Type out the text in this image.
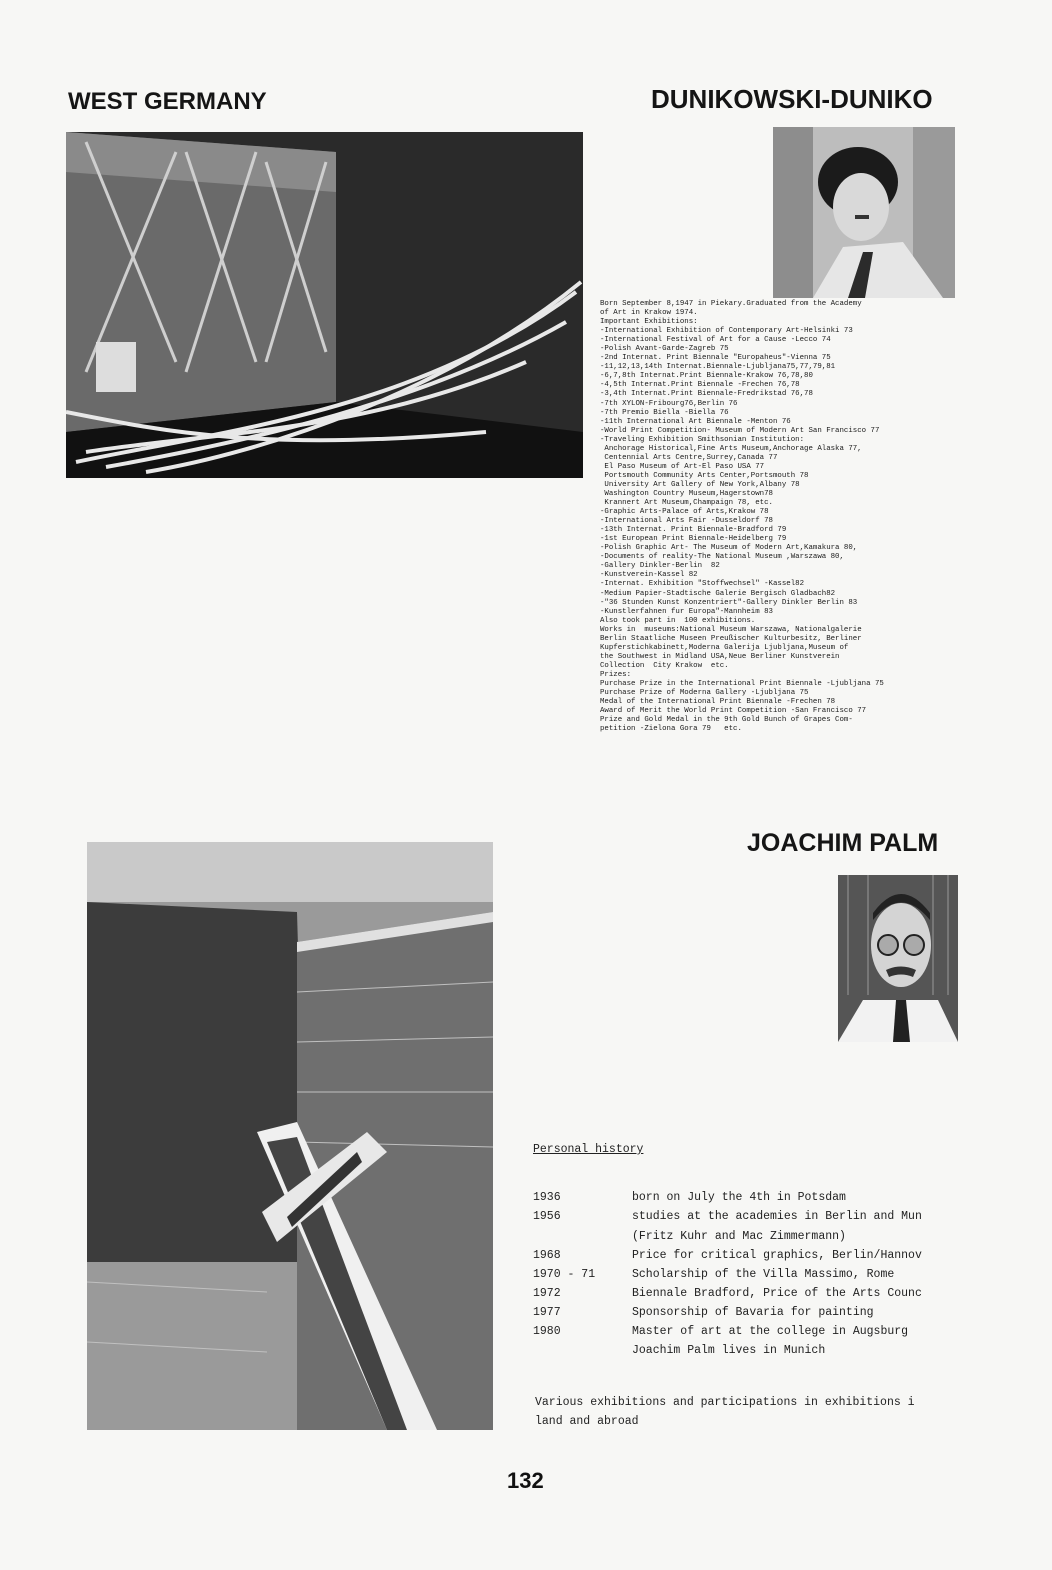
WEST GERMANY	DUNIKOWSKI-DUNIKO
Born September 8,1947 in Piekary.Graduated from the Academy
of Art in Krakow 1974.
Important Exhibitions:
-International Exhibition of Contemporary Art-Helsinki 73
-International Festival of Art for a Cause -Lecco 74
-Polish Avant-Garde-Zagreb 75
-2nd Internat. Print Biennale "Europaheus"-Vienna 75
-11,12,13,14th Internat.Biennale-Ljubljana75,77,79,81
-6,7,8th Internat.Print Biennale-Krakow 76,78,80
-4,5th Internat.Print Biennale -Frechen 76,78
-3,4th Internat.Print Biennale-Fredrikstad 76,78
-7th XYLON-Fribourg76,Berlin 76
-7th Premio Biella -Biella 76
-11th International Art Biennale -Menton 76
-World Print Competition- Museum of Modern Art San Francisco 77
-Traveling Exhibition Smithsonian Institution:
Anchorage Historical,Fine Arts Museum,Anchorage Alaska 77,
Centennial Arts Centre,Surrey,Canada 77
El Paso Museum of Art-El Paso USA 77
Portsmouth Community Arts Center,Portsmouth 78
University Art Gallery of New York,Albany 78
Washington Country Museum,Hagerstown78
Krannert Art Museum,Champaign 78, etc.
-Graphic Arts-Palace of Arts,Krakow 78
-International Arts Fair -Dusseldorf 78
-13th Internat. Print Biennale-Bradford 79
-1st European Print Biennale-Heidelberg 79
-Polish Graphic Art- The Museum of Modern Art,Kamakura 80,
-Documents of reality-The National Museum ,Warszawa 80,
-Gallery Dinkler-Berlin  82
-Kunstverein-Kassel 82
-Internat. Exhibition "Stoffwechsel" -Kassel82
-Medium Papier-Stadtische Galerie Bergisch Gladbach82
-"36 Stunden Kunst Konzentriert"-Gallery Dinkler Berlin 83
-Kunstlerfahnen fur Europa"-Mannheim 83
Also took part in  100 exhibitions.
Works in  museums:National Museum Warszawa, Nationalgalerie
Berlin Staatliche Museen Preußischer Kulturbesitz, Berliner
Kupferstichkabinett,Moderna Galerija Ljubljana,Museum of
the Southwest in Midland USA,Neue Berliner Kunstverein
Collection  City Krakow  etc.
Prizes:
Purchase Prize in the International Print Biennale -Ljubljana 75
Purchase Prize of Moderna Gallery -Ljubljana 75
Medal of the International Print Biennale -Frechen 78
Award of Merit the World Print Competition -San Francisco 77
Prize and Gold Medal in the 9th Gold Bunch of Grapes Com-
petition -Zielona Gora 79   etc.
JOACHIM PALM
Personal history
1936	born on July the 4th in Potsdam
1956	studies at the academies in Berlin and Mun
(Fritz Kuhr and Mac Zimmermann)
1968	Price for critical graphics, Berlin/Hannov
1970 - 71	Scholarship of the Villa Massimo, Rome
1972	Biennale Bradford, Price of the Arts Counc
1977	Sponsorship of Bavaria for painting
1980	Master of art at the college in Augsburg
Joachim Palm lives in Munich
Various exhibitions and participations in exhibitions i
land and abroad
132
